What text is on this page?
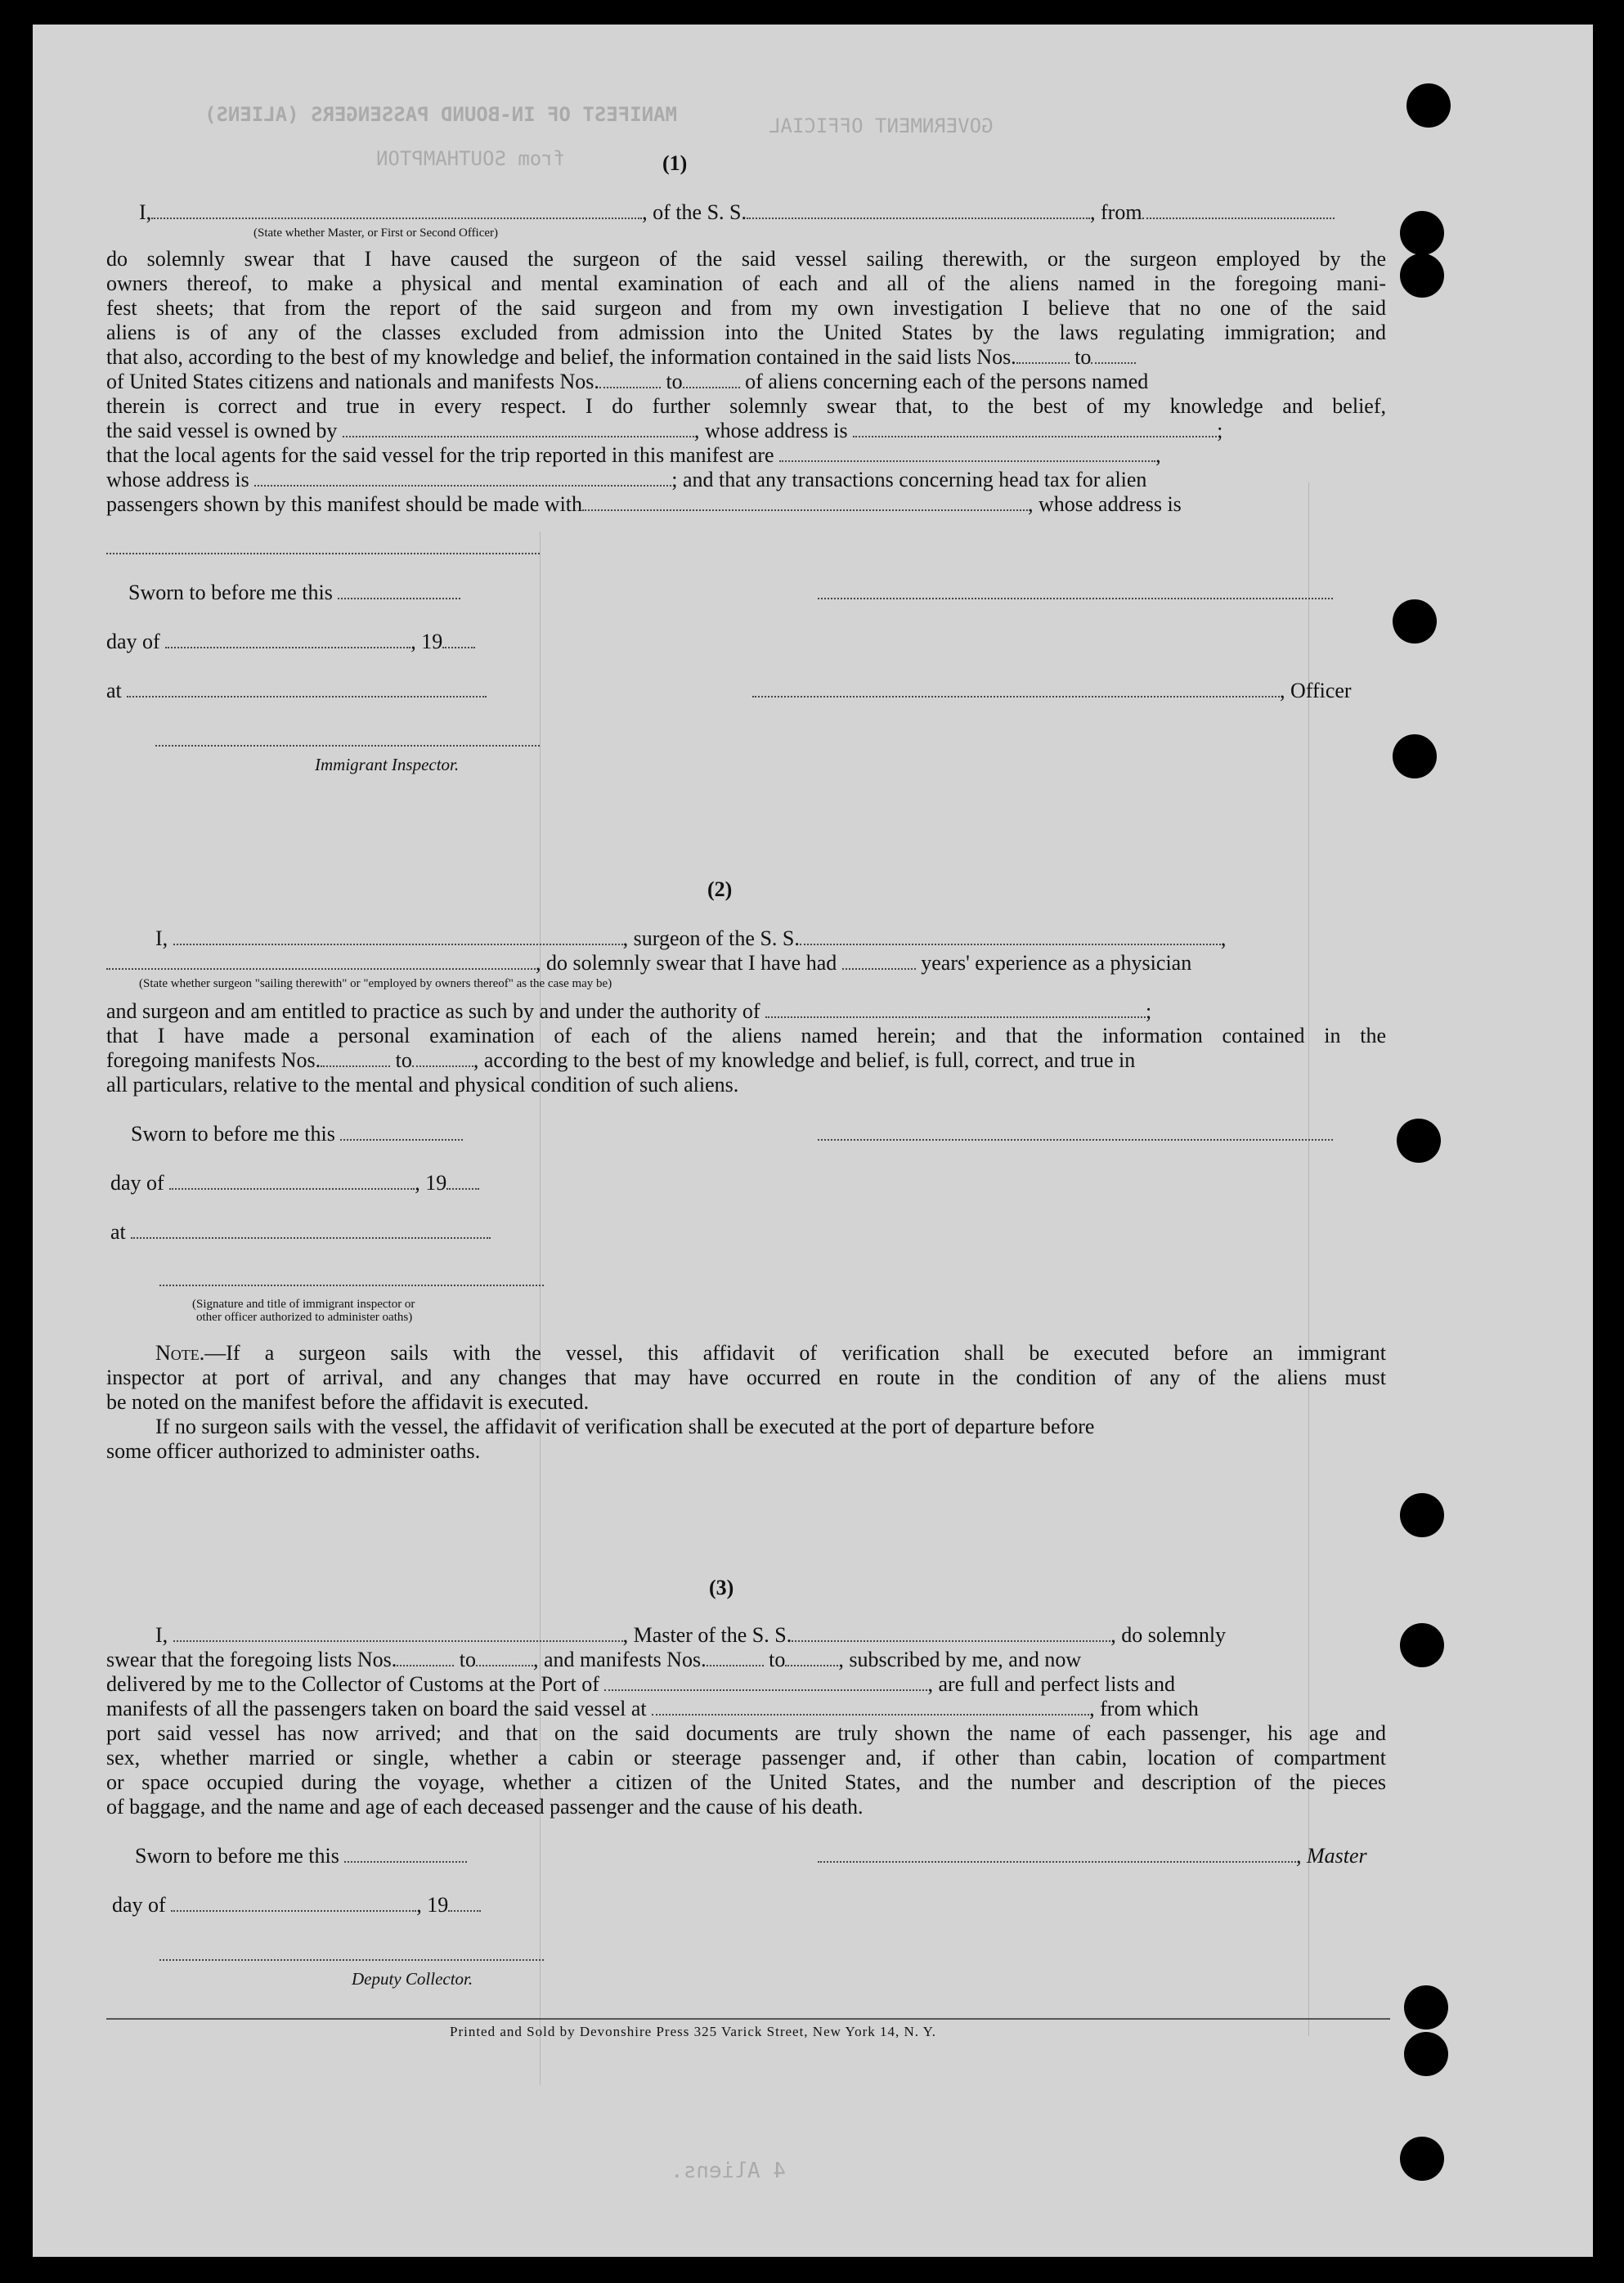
MANIFEST OF IN-BOUND PASSENGERS (ALIENS)	GOVERNMENT OFFICIAL
from SOUTHAMPTON
4 Aliens.
(1)
I,	, of the S. S.	, from
(State whether Master, or First or Second Officer)
do solemnly swear that I have caused the surgeon of the said vessel sailing therewith, or the surgeon employed by the
owners thereof, to make a physical and mental examination of each and all of the aliens named in the foregoing mani-
fest sheets; that from the report of the said surgeon and from my own investigation I believe that no one of the said
aliens is of any of the classes excluded from admission into the United States by the laws regulating immigration; and
that also, according to the best of my knowledge and belief, the information contained in the said lists Nos.	to
of United States citizens and nationals and manifests Nos.	to	of aliens concerning each of the persons named
therein is correct and true in every respect. I do further solemnly swear that, to the best of my knowledge and belief,
the said vessel is owned by	, whose address is	;
that the local agents for the said vessel for the trip reported in this manifest are	,
whose address is	; and that any transactions concerning head tax for alien
passengers shown by this manifest should be made with	, whose address is
Sworn to before me this
day of	, 19
at	, Officer
Immigrant Inspector.
(2)
I,	, surgeon of the S. S.	,
, do solemnly swear that I have had	years' experience as a physician
(State whether surgeon "sailing therewith" or "employed by owners thereof" as the case may be)
and surgeon and am entitled to practice as such by and under the authority of	;
that I have made a personal examination of each of the aliens named herein; and that the information contained in the
foregoing manifests Nos.	to	, according to the best of my knowledge and belief, is full, correct, and true in
all particulars, relative to the mental and physical condition of such aliens.
Sworn to before me this
day of	, 19
at
(Signature and title of immigrant inspector or
other officer authorized to administer oaths)
Note.—If a surgeon sails with the vessel, this affidavit of verification shall be executed before an immigrant
inspector at port of arrival, and any changes that may have occurred en route in the condition of any of the aliens must
be noted on the manifest before the affidavit is executed.
If no surgeon sails with the vessel, the affidavit of verification shall be executed at the port of departure before
some officer authorized to administer oaths.
(3)
I,	, Master of the S. S.	, do solemnly
swear that the foregoing lists Nos.	to	, and manifests Nos.	to	, subscribed by me, and now
delivered by me to the Collector of Customs at the Port of	, are full and perfect lists and
manifests of all the passengers taken on board the said vessel at	, from which
port said vessel has now arrived; and that on the said documents are truly shown the name of each passenger, his age and
sex, whether married or single, whether a cabin or steerage passenger and, if other than cabin, location of compartment
or space occupied during the voyage, whether a citizen of the United States, and the number and description of the pieces
of baggage, and the name and age of each deceased passenger and the cause of his death.
Sworn to before me this	, Master
day of	, 19
Deputy Collector.
Printed and Sold by Devonshire Press 325 Varick Street, New York 14, N. Y.
